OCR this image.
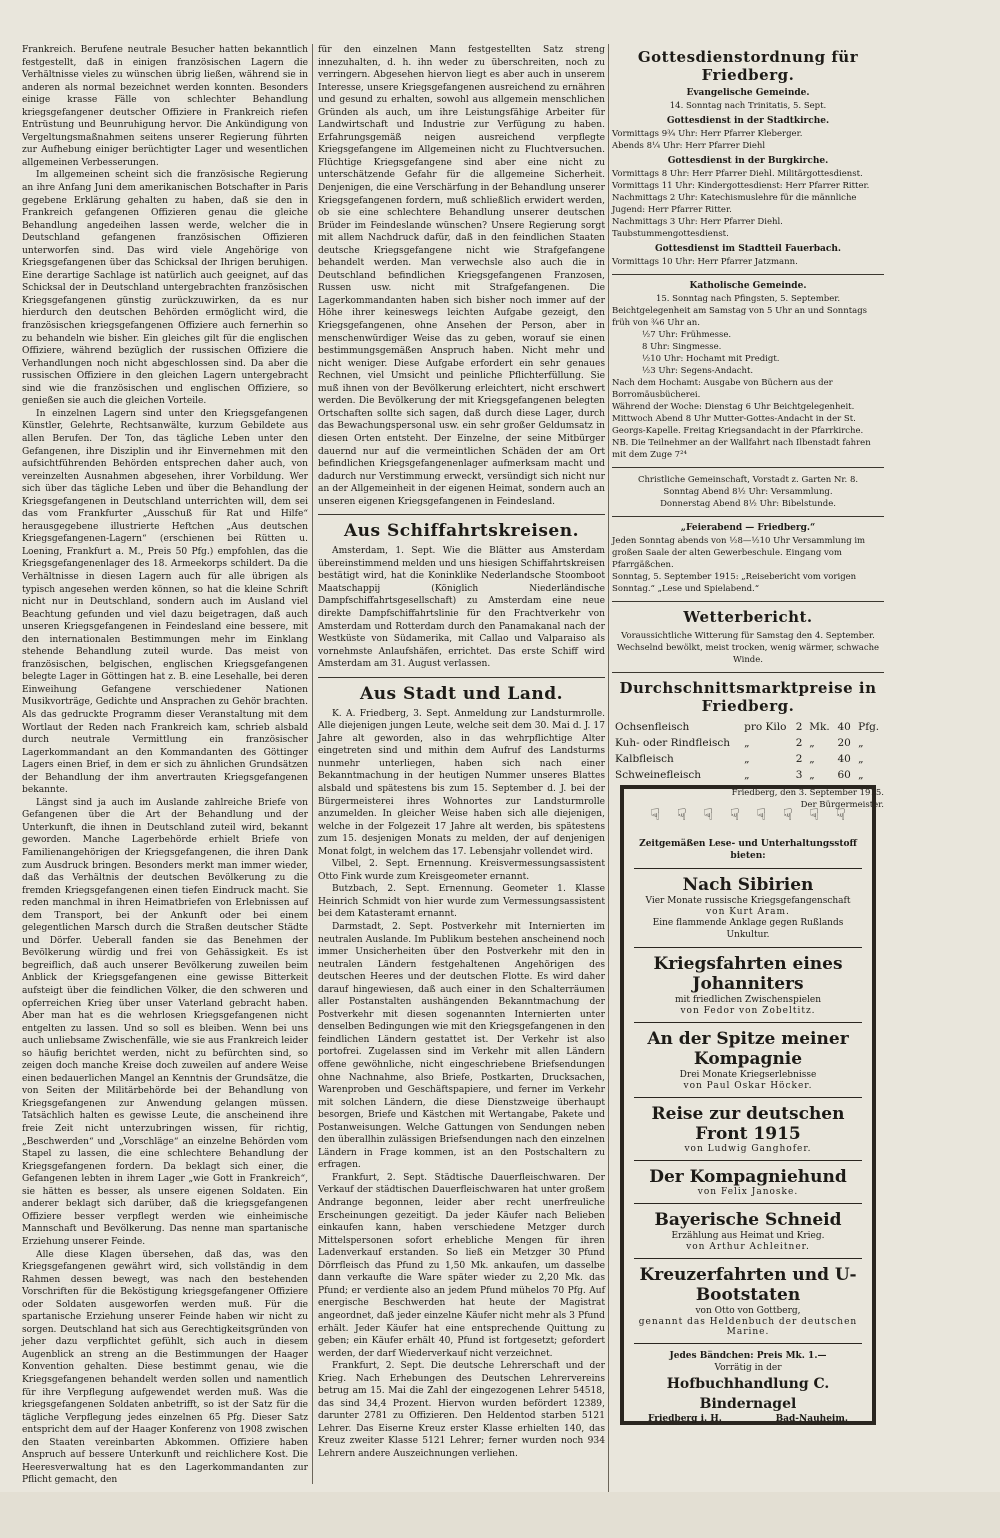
Frankreich. Berufene neutrale Besucher hatten bekanntlich festgestellt, daß in einigen französischen Lagern die Verhältnisse vieles zu wünschen übrig ließen, während sie in anderen als normal bezeichnet werden konnten. Besonders einige krasse Fälle von schlechter Behandlung kriegsgefangener deutscher Offiziere in Frankreich riefen Entrüstung und Beunruhigung hervor. Die Ankündigung von Vergeltungsmaßnahmen seitens unserer Regierung führten zur Aufhebung einiger berüchtigter Lager und wesentlichen allgemeinen Verbesserungen.

Im allgemeinen scheint sich die französische Regierung an ihre Anfang Juni dem amerikanischen Botschafter in Paris gegebene Erklärung gehalten zu haben, daß sie den in Frankreich gefangenen Offizieren genau die gleiche Behandlung angedeihen lassen werde, welcher die in Deutschland gefangenen französischen Offizieren unterworfen sind. Das wird viele Angehörige von Kriegsgefangenen über das Schicksal der Ihrigen beruhigen. Eine derartige Sachlage ist natürlich auch geeignet, auf das Schicksal der in Deutschland untergebrachten französischen Kriegsgefangenen günstig zurückzuwirken, da es nur hierdurch den deutschen Behörden ermöglicht wird, die französischen kriegsgefangenen Offiziere auch fernerhin so zu behandeln wie bisher. Ein gleiches gilt für die englischen Offiziere, während bezüglich der russischen Offiziere die Verhandlungen noch nicht abgeschlossen sind. Da aber die russischen Offiziere in den gleichen Lagern untergebracht sind wie die französischen und englischen Offiziere, so genießen sie auch die gleichen Vorteile.

In einzelnen Lagern sind unter den Kriegsgefangenen Künstler, Gelehrte, Rechtsanwälte, kurzum Gebildete aus allen Berufen. Der Ton, das tägliche Leben unter den Gefangenen, ihre Disziplin und ihr Einvernehmen mit den aufsichtführenden Behörden entsprechen daher auch, von vereinzelten Ausnahmen abgesehen, ihrer Vorbildung. Wer sich über das tägliche Leben und über die Behandlung der Kriegsgefangenen in Deutschland unterrichten will, dem sei das vom Frankfurter „Ausschuß für Rat und Hilfe“ herausgegebene illustrierte Heftchen „Aus deutschen Kriegsgefangenen-Lagern“ (erschienen bei Rütten u. Loening, Frankfurt a. M., Preis 50 Pfg.) empfohlen, das die Kriegsgefangenenlager des 18. Armeekorps schildert. Da die Verhältnisse in diesen Lagern auch für alle übrigen als typisch angesehen werden können, so hat die kleine Schrift nicht nur in Deutschland, sondern auch im Ausland viel Beachtung gefunden und viel dazu beigetragen, daß auch unseren Kriegsgefangenen in Feindesland eine bessere, mit den internationalen Bestimmungen mehr im Einklang stehende Behandlung zuteil wurde. Das meist von französischen, belgischen, englischen Kriegsgefangenen belegte Lager in Göttingen hat z. B. eine Lesehalle, bei deren Einweihung Gefangene verschiedener Nationen Musikvorträge, Gedichte und Ansprachen zu Gehör brachten. Als das gedruckte Programm dieser Veranstaltung mit dem Wortlaut der Reden nach Frankreich kam, schrieb alsbald durch neutrale Vermittlung ein französischer Lagerkommandant an den Kommandanten des Göttinger Lagers einen Brief, in dem er sich zu ähnlichen Grundsätzen der Behandlung der ihm anvertrauten Kriegsgefangenen bekannte.

Längst sind ja auch im Auslande zahlreiche Briefe von Gefangenen über die Art der Behandlung und der Unterkunft, die ihnen in Deutschland zuteil wird, bekannt geworden. Manche Lagerbehörde erhielt Briefe von Familienangehörigen der Kriegsgefangenen, die ihren Dank zum Ausdruck bringen. Besonders merkt man immer wieder, daß das Verhältnis der deutschen Bevölkerung zu die fremden Kriegsgefangenen einen tiefen Eindruck macht. Sie reden manchmal in ihren Heimatbriefen von Erlebnissen auf dem Transport, bei der Ankunft oder bei einem gelegentlichen Marsch durch die Straßen deutscher Städte und Dörfer. Ueberall fanden sie das Benehmen der Bevölkerung würdig und frei von Gehässigkeit. Es ist begreiflich, daß auch unserer Bevölkerung zuweilen beim Anblick der Kriegsgefangenen eine gewisse Bitterkeit aufsteigt über die feindlichen Völker, die den schweren und opferreichen Krieg über unser Vaterland gebracht haben. Aber man hat es die wehrlosen Kriegsgefangenen nicht entgelten zu lassen. Und so soll es bleiben. Wenn bei uns auch unliebsame Zwischenfälle, wie sie aus Frankreich leider so häufig berichtet werden, nicht zu befürchten sind, so zeigen doch manche Kreise doch zuweilen auf andere Weise einen bedauerlichen Mangel an Kenntnis der Grundsätze, die von Seiten der Militärbehörde bei der Behandlung von Kriegsgefangenen zur Anwendung gelangen müssen. Tatsächlich halten es gewisse Leute, die anscheinend ihre freie Zeit nicht unterzubringen wissen, für richtig, „Beschwerden“ und „Vorschläge“ an einzelne Behörden vom Stapel zu lassen, die eine schlechtere Behandlung der Kriegsgefangenen fordern. Da beklagt sich einer, die Gefangenen lebten in ihrem Lager „wie Gott in Frankreich“, sie hätten es besser, als unsere eigenen Soldaten. Ein anderer beklagt sich darüber, daß die kriegsgefangenen Offiziere besser verpflegt werden wie einheimische Mannschaft und Bevölkerung. Das nenne man spartanische Erziehung unserer Feinde.

Alle diese Klagen übersehen, daß das, was den Kriegsgefangenen gewährt wird, sich vollständig in dem Rahmen dessen bewegt, was nach den bestehenden Vorschriften für die Beköstigung kriegsgefangener Offiziere oder Soldaten ausgeworfen werden muß. Für die spartanische Erziehung unserer Feinde haben wir nicht zu sorgen. Deutschland hat sich aus Gerechtigkeitsgründen von jeher dazu verpflichtet gefühlt, sich auch in diesem Augenblick an streng an die Bestimmungen der Haager Konvention gehalten. Diese bestimmt genau, wie die Kriegsgefangenen behandelt werden sollen und namentlich für ihre Verpflegung aufgewendet werden muß. Was die kriegsgefangenen Soldaten anbetrifft, so ist der Satz für die tägliche Verpflegung jedes einzelnen 65 Pfg. Dieser Satz entspricht dem auf der Haager Konferenz von 1908 zwischen den Staaten vereinbarten Abkommen. Offiziere haben Anspruch auf bessere Unterkunft und reichlichere Kost. Die Heeresverwaltung hat es den Lagerkommandanten zur Pflicht gemacht, den

für den einzelnen Mann festgestellten Satz streng innezuhalten, d. h. ihn weder zu überschreiten, noch zu verringern. Abgesehen hiervon liegt es aber auch in unserem Interesse, unsere Kriegsgefangenen ausreichend zu ernähren und gesund zu erhalten, sowohl aus allgemein menschlichen Gründen als auch, um ihre Leistungsfähige Arbeiter für Landwirtschaft und Industrie zur Verfügung zu haben. Erfahrungsgemäß neigen ausreichend verpflegte Kriegsgefangene im Allgemeinen nicht zu Fluchtversuchen. Flüchtige Kriegsgefangene sind aber eine nicht zu unterschätzende Gefahr für die allgemeine Sicherheit. Denjenigen, die eine Verschärfung in der Behandlung unserer Kriegsgefangenen fordern, muß schließlich erwidert werden, ob sie eine schlechtere Behandlung unserer deutschen Brüder im Feindeslande wünschen? Unsere Regierung sorgt mit allem Nachdruck dafür, daß in den feindlichen Staaten deutsche Kriegsgefangene nicht wie Strafgefangene behandelt werden. Man verwechsle also auch die in Deutschland befindlichen Kriegsgefangenen Franzosen, Russen usw. nicht mit Strafgefangenen. Die Lagerkommandanten haben sich bisher noch immer auf der Höhe ihrer keineswegs leichten Aufgabe gezeigt, den Kriegsgefangenen, ohne Ansehen der Person, aber in menschenwürdiger Weise das zu geben, worauf sie einen bestimmungsgemäßen Anspruch haben. Nicht mehr und nicht weniger. Diese Aufgabe erfordert ein sehr genaues Rechnen, viel Umsicht und peinliche Pflichterfüllung. Sie muß ihnen von der Bevölkerung erleichtert, nicht erschwert werden. Die Bevölkerung der mit Kriegsgefangenen belegten Ortschaften sollte sich sagen, daß durch diese Lager, durch das Bewachungspersonal usw. ein sehr großer Geldumsatz in diesen Orten entsteht. Der Einzelne, der seine Mitbürger dauernd nur auf die vermeintlichen Schäden der am Ort befindlichen Kriegsgefangenenlager aufmerksam macht und dadurch nur Verstimmung erweckt, versündigt sich nicht nur an der Allgemeinheit in der eigenen Heimat, sondern auch an unseren eigenen Kriegsgefangenen in Feindesland.

Aus Schiffahrtskreisen.

Amsterdam, 1. Sept. Wie die Blätter aus Amsterdam übereinstimmend melden und uns hiesigen Schiffahrtskreisen bestätigt wird, hat die Koninklike Nederlandsche Stoomboot Maatschappij (Königlich Niederländische Dampfschiffahrtsgesellschaft) zu Amsterdam eine neue direkte Dampfschiffahrtslinie für den Frachtverkehr von Amsterdam und Rotterdam durch den Panamakanal nach der Westküste von Südamerika, mit Callao und Valparaiso als vornehmste Anlaufshäfen, errichtet. Das erste Schiff wird Amsterdam am 31. August verlassen.

Aus Stadt und Land.

K. A. Friedberg, 3. Sept. Anmeldung zur Landsturmrolle. Alle diejenigen jungen Leute, welche seit dem 30. Mai d. J. 17 Jahre alt geworden, also in das wehrpflichtige Alter eingetreten sind und mithin dem Aufruf des Landsturms nunmehr unterliegen, haben sich nach einer Bekanntmachung in der heutigen Nummer unseres Blattes alsbald und spätestens bis zum 15. September d. J. bei der Bürgermeisterei ihres Wohnortes zur Landsturmrolle anzumelden. In gleicher Weise haben sich alle diejenigen, welche in der Folgezeit 17 Jahre alt werden, bis spätestens zum 15. desjenigen Monats zu melden, der auf denjenigen Monat folgt, in welchem das 17. Lebensjahr vollendet wird.

Vilbel, 2. Sept. Ernennung. Kreisvermessungsassistent Otto Fink wurde zum Kreisgeometer ernannt.

Butzbach, 2. Sept. Ernennung. Geometer 1. Klasse Heinrich Schmidt von hier wurde zum Vermessungsassistent bei dem Katasteramt ernannt.

Darmstadt, 2. Sept. Postverkehr mit Internierten im neutralen Auslande. Im Publikum bestehen anscheinend noch immer Unsicherheiten über den Postverkehr mit den in neutralen Ländern festgehaltenen Angehörigen des deutschen Heeres und der deutschen Flotte. Es wird daher darauf hingewiesen, daß auch einer in den Schalterräumen aller Postanstalten aushängenden Bekanntmachung der Postverkehr mit diesen sogenannten Internierten unter denselben Bedingungen wie mit den Kriegsgefangenen in den feindlichen Ländern gestattet ist. Der Verkehr ist also portofrei. Zugelassen sind im Verkehr mit allen Ländern offene gewöhnliche, nicht eingeschriebene Briefsendungen ohne Nachnahme, also Briefe, Postkarten, Drucksachen, Warenproben und Geschäftspapiere, und ferner im Verkehr mit solchen Ländern, die diese Dienstzweige überhaupt besorgen, Briefe und Kästchen mit Wertangabe, Pakete und Postanweisungen. Welche Gattungen von Sendungen neben den überallhin zulässigen Briefsendungen nach den einzelnen Ländern in Frage kommen, ist an den Postschaltern zu erfragen.

Frankfurt, 2. Sept. Städtische Dauerfleischwaren. Der Verkauf der städtischen Dauerfleischwaren hat unter großem Andrange begonnen, leider aber recht unerfreuliche Erscheinungen gezeitigt. Da jeder Käufer nach Belieben einkaufen kann, haben verschiedene Metzger durch Mittelspersonen sofort erhebliche Mengen für ihren Ladenverkauf erstanden. So ließ ein Metzger 30 Pfund Dörrfleisch das Pfund zu 1,50 Mk. ankaufen, um dasselbe dann verkaufte die Ware später wieder zu 2,20 Mk. das Pfund; er verdiente also an jedem Pfund mühelos 70 Pfg. Auf energische Beschwerden hat heute der Magistrat angeordnet, daß jeder einzelne Käufer nicht mehr als 3 Pfund erhält. Jeder Käufer hat eine entsprechende Quittung zu geben; ein Käufer erhält 40, Pfund ist fortgesetzt; gefordert werden, der darf Wiederverkauf nicht verzeichnet.

Frankfurt, 2. Sept. Die deutsche Lehrerschaft und der Krieg. Nach Erhebungen des Deutschen Lehrervereins betrug am 15. Mai die Zahl der eingezogenen Lehrer 54518, das sind 34,4 Prozent. Hiervon wurden befördert 12389, darunter 2781 zu Offizieren. Den Heldentod starben 5121 Lehrer. Das Eiserne Kreuz erster Klasse erhielten 140, das Kreuz zweiter Klasse 5121 Lehrer; ferner wurden noch 934 Lehrern andere Auszeichnungen verliehen.

Gottesdienstordnung für Friedberg.
Evangelische Gemeinde.

14. Sonntag nach Trinitatis, 5. Sept.

Gottesdienst in der Stadtkirche.

Vormittags 9¾ Uhr: Herr Pfarrer Kleberger.

Abends 8¼ Uhr: Herr Pfarrer Diehl

Gottesdienst in der Burgkirche.

Vormittags 8 Uhr: Herr Pfarrer Diehl. Militärgottesdienst.

Vormittags 11 Uhr: Kindergottesdienst: Herr Pfarrer Ritter.

Nachmittags 2 Uhr: Katechismuslehre für die männliche Jugend: Herr Pfarrer Ritter.

Nachmittags 3 Uhr: Herr Pfarrer Diehl. Taubstummengottesdienst.

Gottesdienst im Stadtteil Fauerbach.

Vormittags 10 Uhr: Herr Pfarrer Jatzmann.

Katholische Gemeinde.

15. Sonntag nach Pfingsten, 5. September.

Beichtgelegenheit am Samstag von 5 Uhr an und Sonntags früh von ¾6 Uhr an.

½7 Uhr: Frühmesse.

8 Uhr: Singmesse.

½10 Uhr: Hochamt mit Predigt.

½3 Uhr: Segens-Andacht.

Nach dem Hochamt: Ausgabe von Büchern aus der Borromäusbücherei.

Während der Woche: Dienstag 6 Uhr Beichtgelegenheit. Mittwoch Abend 8 Uhr Mutter-Gottes-Andacht in der St. Georgs-Kapelle. Freitag Kriegsandacht in der Pfarrkirche.

NB. Die Teilnehmer an der Wallfahrt nach Ilbenstadt fahren mit dem Zuge 7²⁴

Christliche Gemeinschaft, Vorstadt z. Garten Nr. 8.

Sonntag Abend 8½ Uhr: Versammlung.

Donnerstag Abend 8½ Uhr: Bibelstunde.

„Feierabend — Friedberg.“

Jeden Sonntag abends von ½8—½10 Uhr Versammlung im großen Saale der alten Gewerbeschule. Eingang vom Pfarrgäßchen.

Sonntag, 5. September 1915: „Reisebericht vom vorigen Sonntag.“ „Lese und Spielabend.“

Wetterbericht.

Voraussichtliche Witterung für Samstag den 4. September.

Wechselnd bewölkt, meist trocken, wenig wärmer, schwache Winde.

Durchschnittsmarktpreise in Friedberg.
Ochsenfleisch	pro Kilo	2	Mk.	40	Pfg.
Kuh- oder Rindfleisch	„	2	„	20	„
Kalbfleisch	„	2	„	40	„
Schweinefleisch	„	3	„	60	„

Friedberg, den 3. September 1915.

Der Bürgermeister.

☟ ☟ ☟ ☟ ☟ ☟ ☟ ☟
Zeitgemäßen Lese- und Unterhaltungsstoff
bieten:
Nach Sibirien
Vier Monate russische Kriegsgefangenschaft
von Kurt Aram.
Eine flammende Anklage gegen Rußlands Unkultur.
Kriegsfahrten eines Johanniters
mit friedlichen Zwischenspielen
von Fedor von Zobeltitz.
An der Spitze meiner Kompagnie
Drei Monate Kriegserlebnisse
von Paul Oskar Höcker.
Reise zur deutschen Front 1915
von Ludwig Ganghofer.
Der Kompagniehund
von Felix Janoske.
Bayerische Schneid
Erzählung aus Heimat und Krieg.
von Arthur Achleitner.
Kreuzerfahrten und U-Bootstaten
von Otto von Gottberg,
genannt das Heldenbuch der deutschen Marine.
Jedes Bändchen: Preis Mk. 1.—
Vorrätig in der
Hofbuchhandlung C. Bindernagel
Friedberg i. H.	Bad-Nauheim.
